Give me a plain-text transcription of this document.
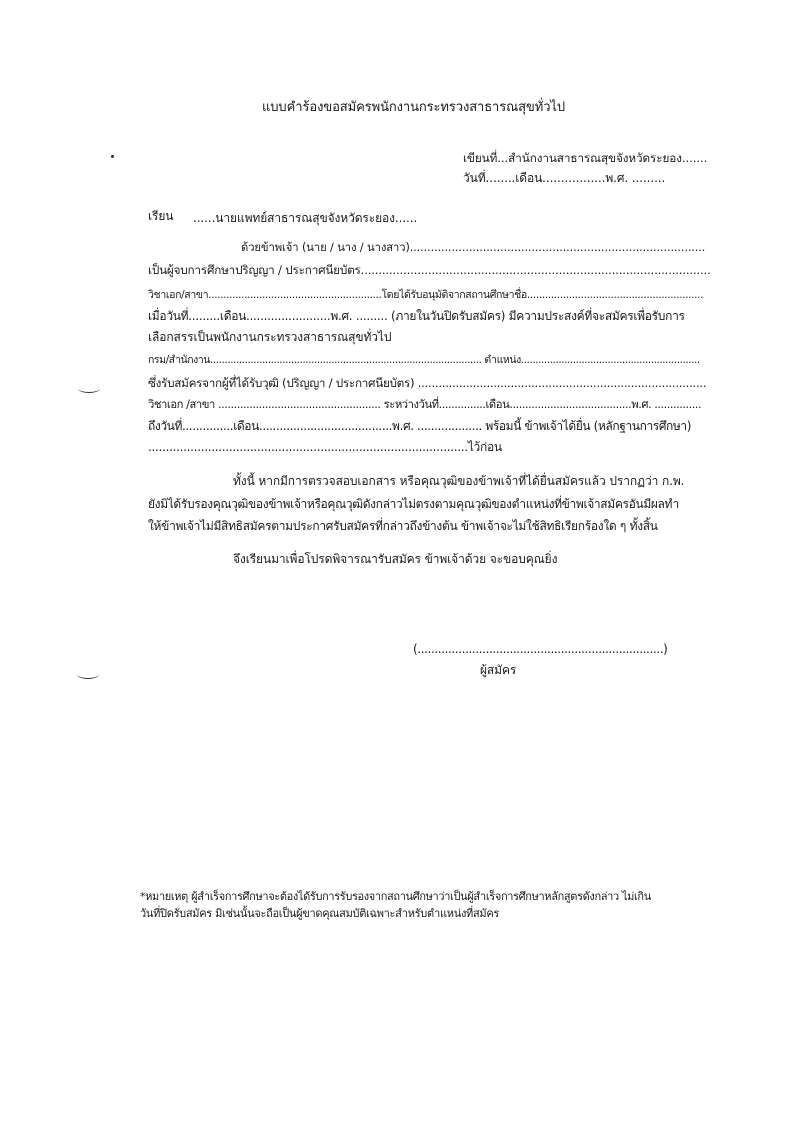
แบบคำร้องขอสมัครพนักงานกระทรวงสาธารณสุขทั่วไป
เขียนที่...สำนักงานสาธารณสุขจังหวัดระยอง.......
วันที่........เดือน.................พ.ศ. .........
เรียน ......นายแพทย์สาธารณสุขจังหวัดระยอง......
ด้วยข้าพเจ้า (นาย / นาง / นางสาว).....................................................................................
เป็นผู้จบการศึกษาปริญญา / ประกาศนียบัตร...................................................................................................
วิชาเอก/สาขา..........................................................โดยได้รับอนุมัติจากสถานศึกษาชื่อ...........................................................
เมื่อวันที่.........เดือน........................พ.ศ. ......... (ภายในวันปิดรับสมัคร) มีความประสงค์ที่จะสมัครเพื่อรับการ
เลือกสรรเป็นพนักงานกระทรวงสาธารณสุขทั่วไป
กรม/สำนักงาน.............................................................................................. ตำแหน่ง..............................................................
ซึ่งรับสมัครจากผู้ที่ได้รับวุฒิ (ปริญญา / ประกาศนียบัตร) ....................................................................................
วิชาเอก /สาขา .................................................... ระหว่างวันที่...............เดือน.......................................พ.ศ. ...............
ถึงวันที่...............เดือน.......................................พ.ศ. ................... พร้อมนี้ ข้าพเจ้าได้ยื่น (หลักฐานการศึกษา)
...........................................................................................ไว้ก่อน
ทั้งนี้ หากมีการตรวจสอบเอกสาร หรือคุณวุฒิของข้าพเจ้าที่ได้ยื่นสมัครแล้ว ปรากฏว่า ก.พ.
ยังมิได้รับรองคุณวุฒิของข้าพเจ้าหรือคุณวุฒิดังกล่าวไม่ตรงตามคุณวุฒิของตำแหน่งที่ข้าพเจ้าสมัครอันมีผลทำ
ให้ข้าพเจ้าไม่มีสิทธิสมัครตามประกาศรับสมัครที่กล่าวถึงข้างต้น ข้าพเจ้าจะไม่ใช้สิทธิเรียกร้องใด ๆ ทั้งสิ้น
จึงเรียนมาเพื่อโปรดพิจารณารับสมัคร ข้าพเจ้าด้วย จะขอบคุณยิ่ง
(........................................................................)
ผู้สมัคร
*หมายเหตุ ผู้สำเร็จการศึกษาจะต้องได้รับการรับรองจากสถานศึกษาว่าเป็นผู้สำเร็จการศึกษาหลักสูตรดังกล่าว ไม่เกิน
วันที่ปิดรับสมัคร มิเช่นนั้นจะถือเป็นผู้ขาดคุณสมบัติเฉพาะสำหรับตำแหน่งที่สมัคร
